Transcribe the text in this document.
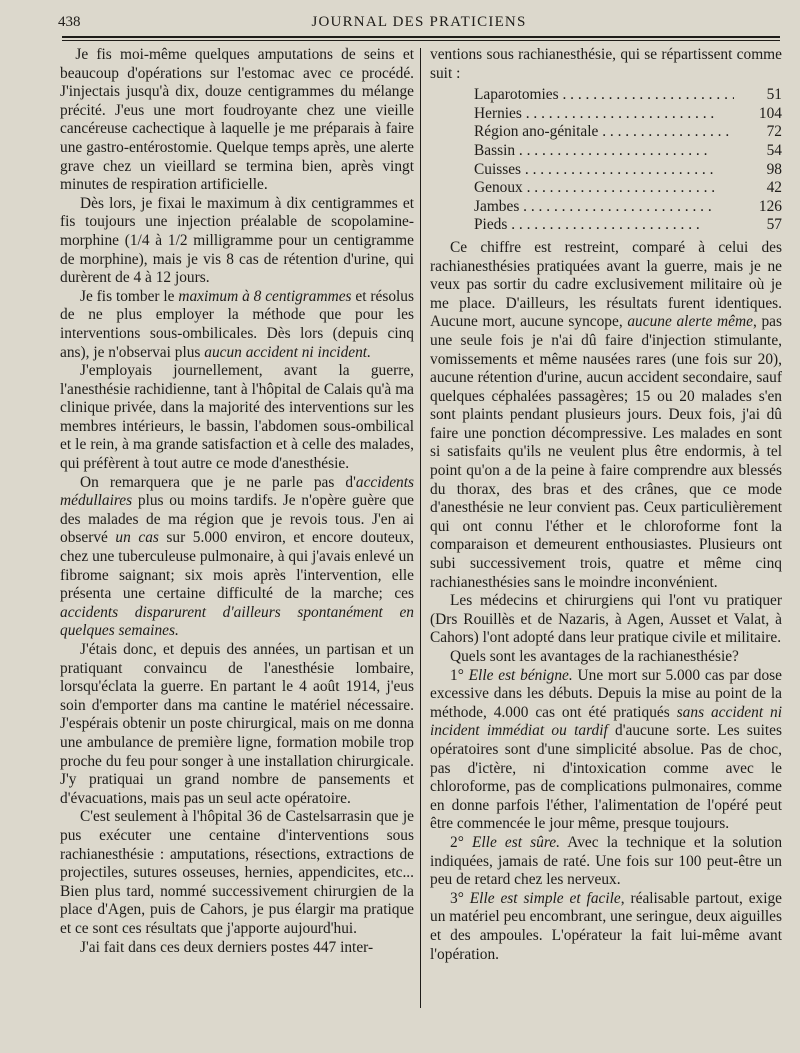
438	JOURNAL DES PRATICIENS

 Je fis moi-même quelques amputations de seins et beaucoup d'opérations sur l'estomac avec ce procédé. J'injectais jusqu'à dix, douze centigrammes du mélange précité. J'eus une mort foudroyante chez une vieille cancéreuse cachectique à laquelle je me préparais à faire une gastro-entérostomie. Quelque temps après, une alerte grave chez un vieillard se termina bien, après vingt minutes de respiration artificielle.

Dès lors, je fixai le maximum à dix centigrammes et fis toujours une injection préalable de scopolamine-morphine (1/4 à 1/2 milligramme pour un centigramme de morphine), mais je vis 8 cas de rétention d'urine, qui durèrent de 4 à 12 jours.

Je fis tomber le maximum à 8 centigrammes et résolus de ne plus employer la méthode que pour les interventions sous-ombilicales. Dès lors (depuis cinq ans), je n'observai plus aucun accident ni incident.

J'employais journellement, avant la guerre, l'anesthésie rachidienne, tant à l'hôpital de Calais qu'à ma clinique privée, dans la majorité des interventions sur les membres intérieurs, le bassin, l'abdomen sous-ombilical et le rein, à ma grande satisfaction et à celle des malades, qui préfèrent à tout autre ce mode d'anesthésie.

On remarquera que je ne parle pas d'accidents médullaires plus ou moins tardifs. Je n'opère guère que des malades de ma région que je revois tous. J'en ai observé un cas sur 5.000 environ, et encore douteux, chez une tuberculeuse pulmonaire, à qui j'avais enlevé un fibrome saignant; six mois après l'intervention, elle présenta une certaine difficulté de la marche; ces accidents disparurent d'ailleurs spontanément en quelques semaines.

J'étais donc, et depuis des années, un partisan et un pratiquant convaincu de l'anesthésie lombaire, lorsqu'éclata la guerre. En partant le 4 août 1914, j'eus soin d'emporter dans ma cantine le matériel nécessaire. J'espérais obtenir un poste chirurgical, mais on me donna une ambulance de première ligne, formation mobile trop proche du feu pour songer à une installation chirurgicale. J'y pratiquai un grand nombre de pansements et d'évacuations, mais pas un seul acte opératoire.

C'est seulement à l'hôpital 36 de Castelsarrasin que je pus exécuter une centaine d'interventions sous rachianesthésie : amputations, résections, extractions de projectiles, sutures osseuses, hernies, appendicites, etc... Bien plus tard, nommé successivement chirurgien de la place d'Agen, puis de Cahors, je pus élargir ma pratique et ce sont ces résultats que j'apporte aujourd'hui.

J'ai fait dans ces deux derniers postes 447 inter-

ventions sous rachianesthésie, qui se répartissent comme suit :

Laparotomies . . .	51
Hernies . . .	104
Région ano-génitale . . .	72
Bassin . . .	54
Cuisses . . .	98
Genoux . . .	42
Jambes . . .	126
Pieds . . .	57

Ce chiffre est restreint, comparé à celui des rachianesthésies pratiquées avant la guerre, mais je ne veux pas sortir du cadre exclusivement militaire où je me place. D'ailleurs, les résultats furent identiques. Aucune mort, aucune syncope, aucune alerte même, pas une seule fois je n'ai dû faire d'injection stimulante, vomissements et même nausées rares (une fois sur 20), aucune rétention d'urine, aucun accident secondaire, sauf quelques céphalées passagères; 15 ou 20 malades s'en sont plaints pendant plusieurs jours. Deux fois, j'ai dû faire une ponction décompressive. Les malades en sont si satisfaits qu'ils ne veulent plus être endormis, à tel point qu'on a de la peine à faire comprendre aux blessés du thorax, des bras et des crânes, que ce mode d'anesthésie ne leur convient pas. Ceux particulièrement qui ont connu l'éther et le chloroforme font la comparaison et demeurent enthousiastes. Plusieurs ont subi successivement trois, quatre et même cinq rachianesthésies sans le moindre inconvénient.

Les médecins et chirurgiens qui l'ont vu pratiquer (Drs Rouillès et de Nazaris, à Agen, Ausset et Valat, à Cahors) l'ont adopté dans leur pratique civile et militaire.

Quels sont les avantages de la rachianesthésie?

1° Elle est bénigne. Une mort sur 5.000 cas par dose excessive dans les débuts. Depuis la mise au point de la méthode, 4.000 cas ont été pratiqués sans accident ni incident immédiat ou tardif d'aucune sorte. Les suites opératoires sont d'une simplicité absolue. Pas de choc, pas d'ictère, ni d'intoxication comme avec le chloroforme, pas de complications pulmonaires, comme en donne parfois l'éther, l'alimentation de l'opéré peut être commencée le jour même, presque toujours.

2° Elle est sûre. Avec la technique et la solution indiquées, jamais de raté. Une fois sur 100 peut-être un peu de retard chez les nerveux.

3° Elle est simple et facile, réalisable partout, exige un matériel peu encombrant, une seringue, deux aiguilles et des ampoules. L'opérateur la fait lui-même avant l'opération.
